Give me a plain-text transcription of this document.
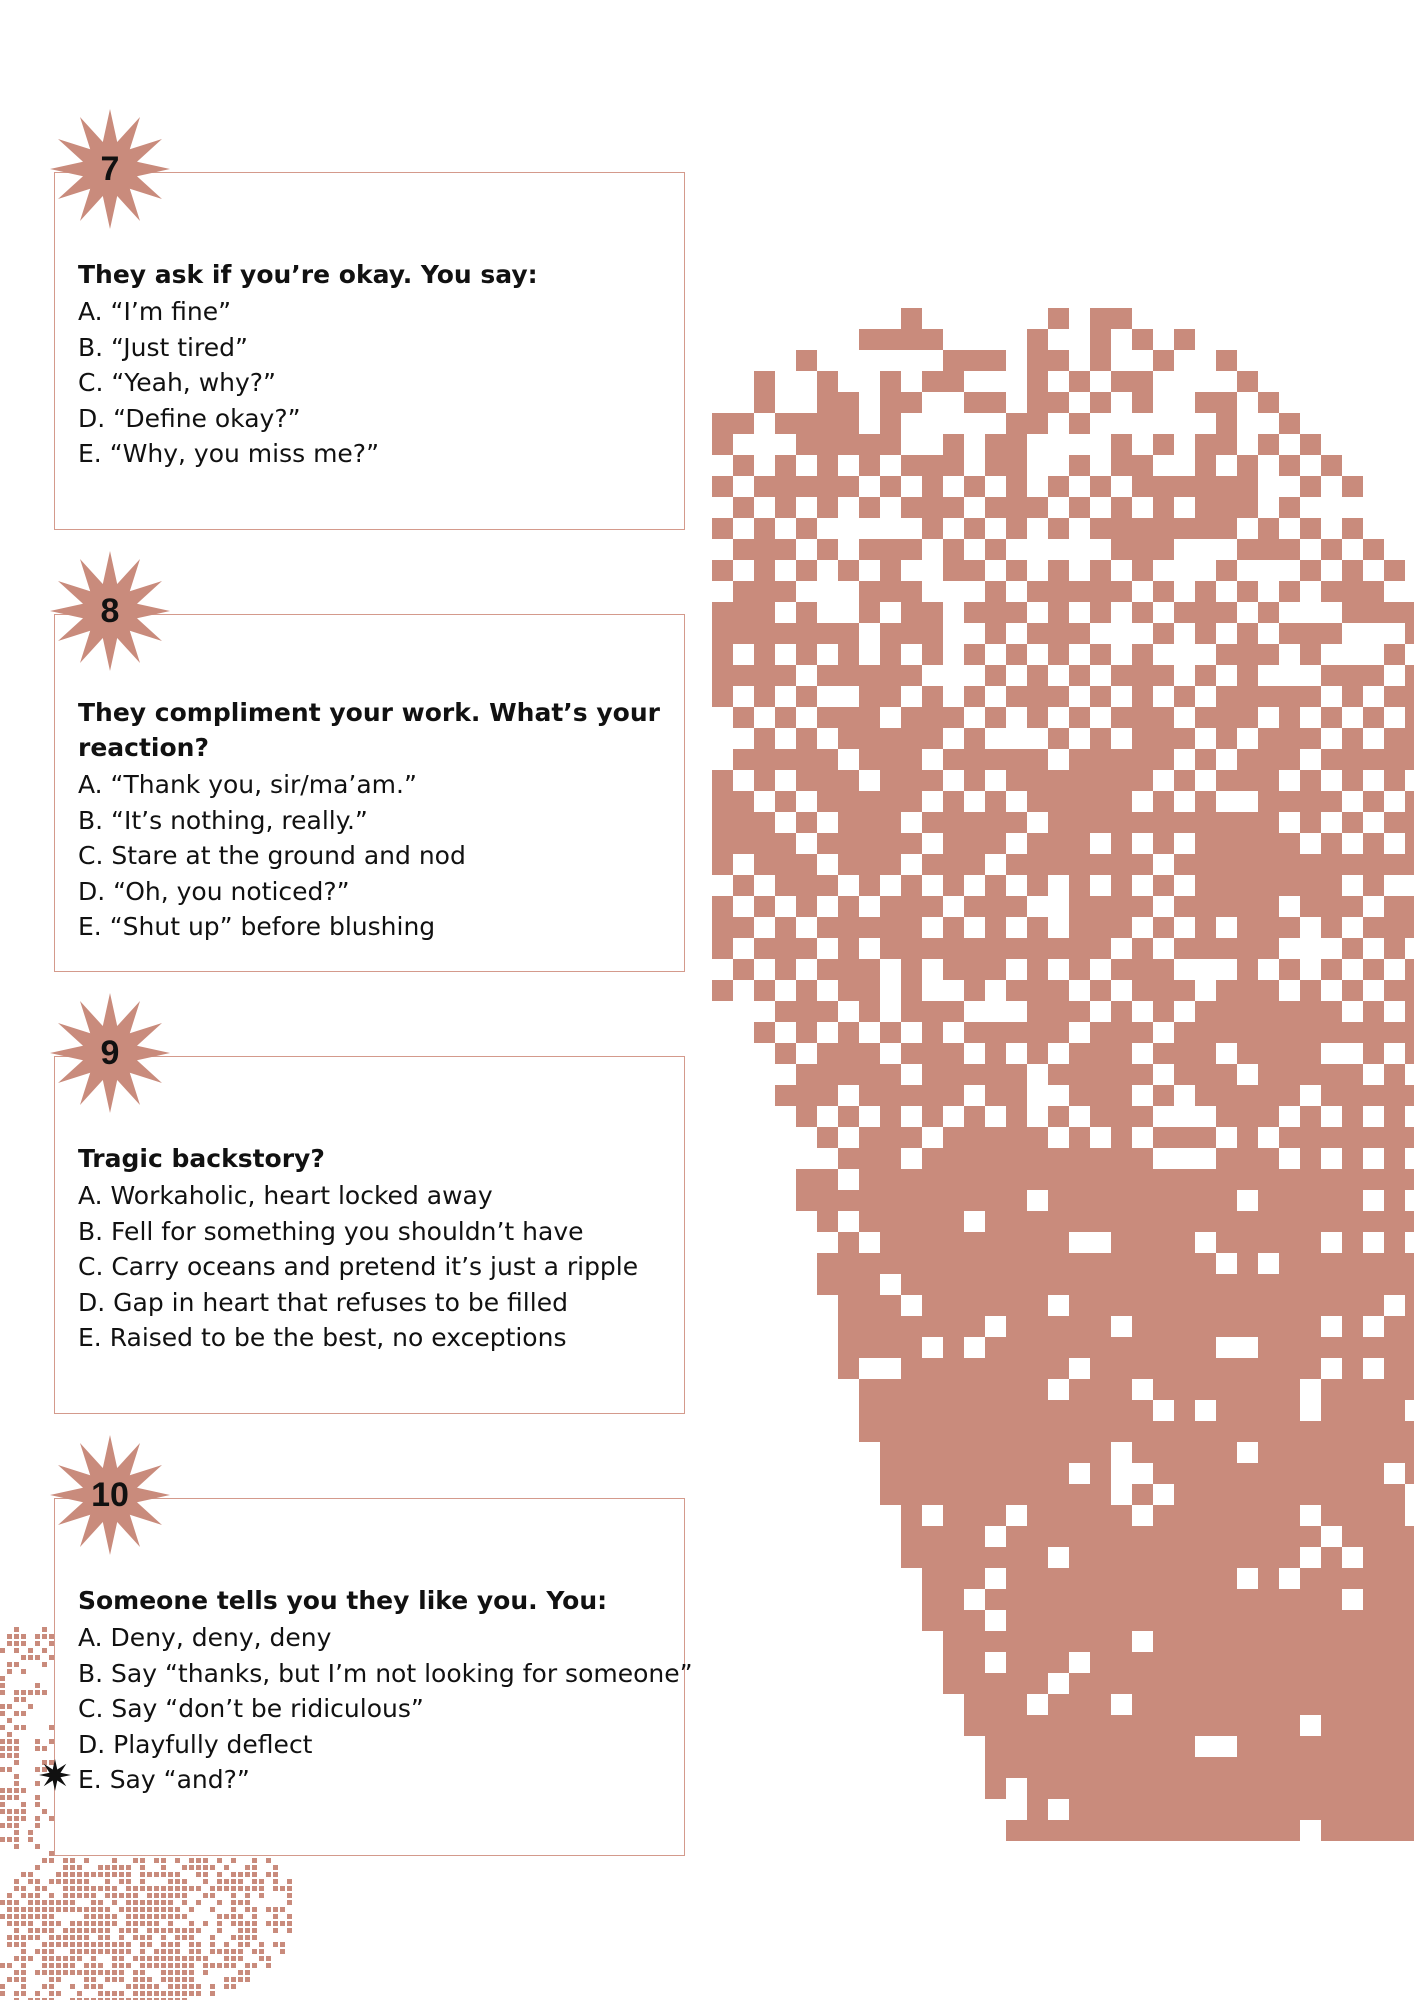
They ask if you’re okay. You say:

A. “I’m fine”
B. “Just tired”
C. “Yeah, why?”
D. “Define okay?”
E. “Why, you miss me?”
7

They compliment your work. What’s your reaction?

A. “Thank you, sir/ma’am.”
B. “It’s nothing, really.”
C. Stare at the ground and nod
D. “Oh, you noticed?”
E. “Shut up” before blushing
8

Tragic backstory?

A. Workaholic, heart locked away
B. Fell for something you shouldn’t have
C. Carry oceans and pretend it’s just a ripple
D. Gap in heart that refuses to be filled
E. Raised to be the best, no exceptions
9

Someone tells you they like you. You:

A. Deny, deny, deny
B. Say “thanks, but I’m not looking for someone”
C. Say “don’t be ridiculous”
D. Playfully deflect
E. Say “and?”
10
